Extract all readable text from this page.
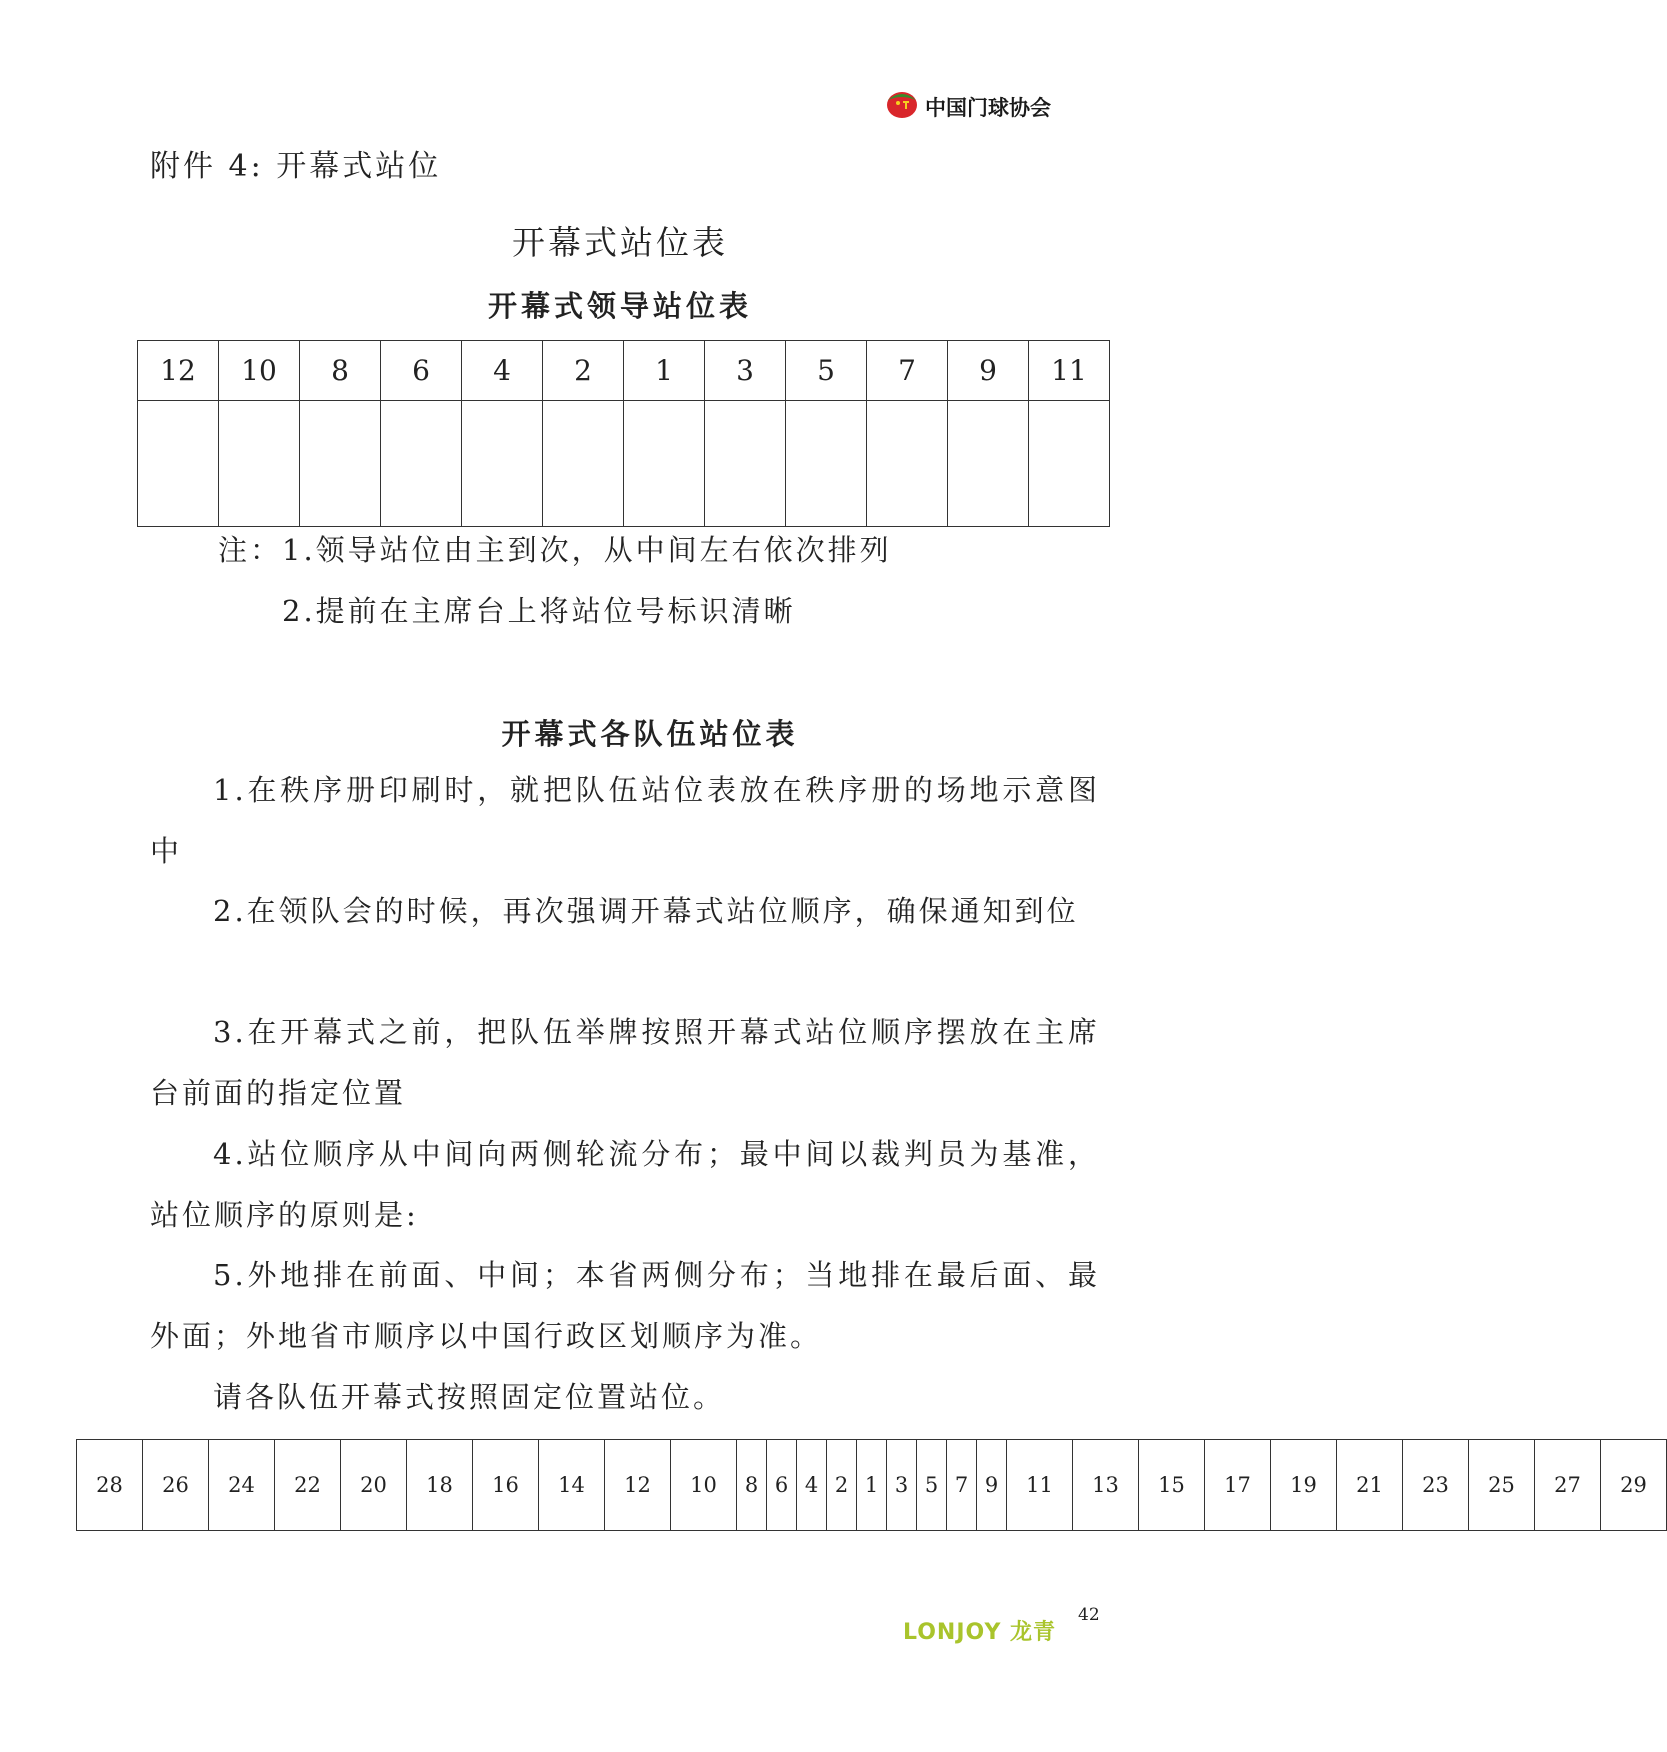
中国门球协会
附件 4: 开幕式站位
开幕式站位表
开幕式领导站位表
12	10	8	6	4	2	1	3	5	7	9	11

注：1.领导站位由主到次，从中间左右依次排列
2.提前在主席台上将站位号标识清晰
开幕式各队伍站位表
1.在秩序册印刷时，就把队伍站位表放在秩序册的场地示意图中
2.在领队会的时候，再次强调开幕式站位顺序，确保通知到位
3.在开幕式之前，把队伍举牌按照开幕式站位顺序摆放在主席台前面的指定位置
4.站位顺序从中间向两侧轮流分布；最中间以裁判员为基准，站位顺序的原则是:
5.外地排在前面、中间；本省两侧分布；当地排在最后面、最外面；外地省市顺序以中国行政区划顺序为准。
请各队伍开幕式按照固定位置站位。
28	26	24	22	20	18	16	14	12	10	8	6	4	2	1	3	5	7	9	11	13	15	17	19	21	23	25	27	29
LONJOY 龙青
42
